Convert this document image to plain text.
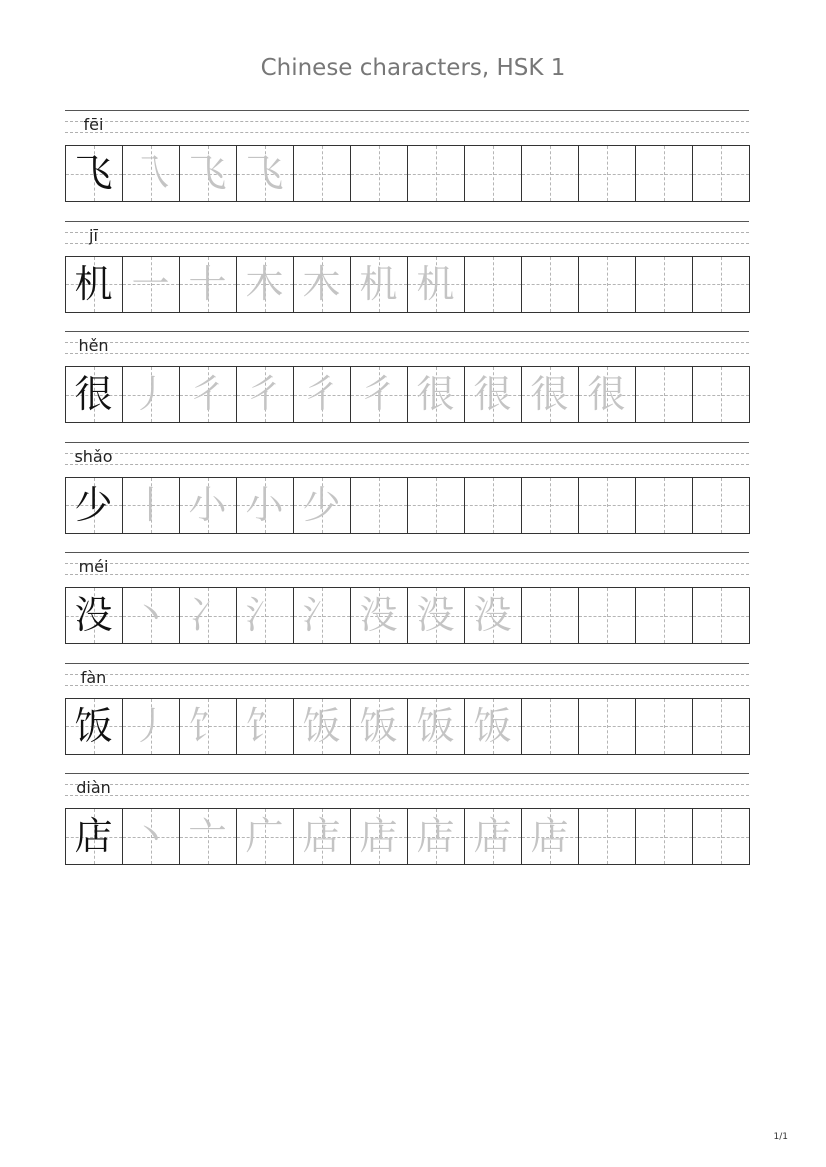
Chinese characters, HSK 1
fēi
飞 乁 飞 飞
jī
机 一 十 木 木 机 机
hěn
很 丿 彳 彳 彳 彳 很 很 很 很
shǎo
少 丨 小 小 少
méi
没 丶 冫 氵 氵 没 没 没
fàn
饭 丿 饣 饣 饭 饭 饭 饭
diàn
店 丶 亠 广 店 店 店 店 店
1/1
